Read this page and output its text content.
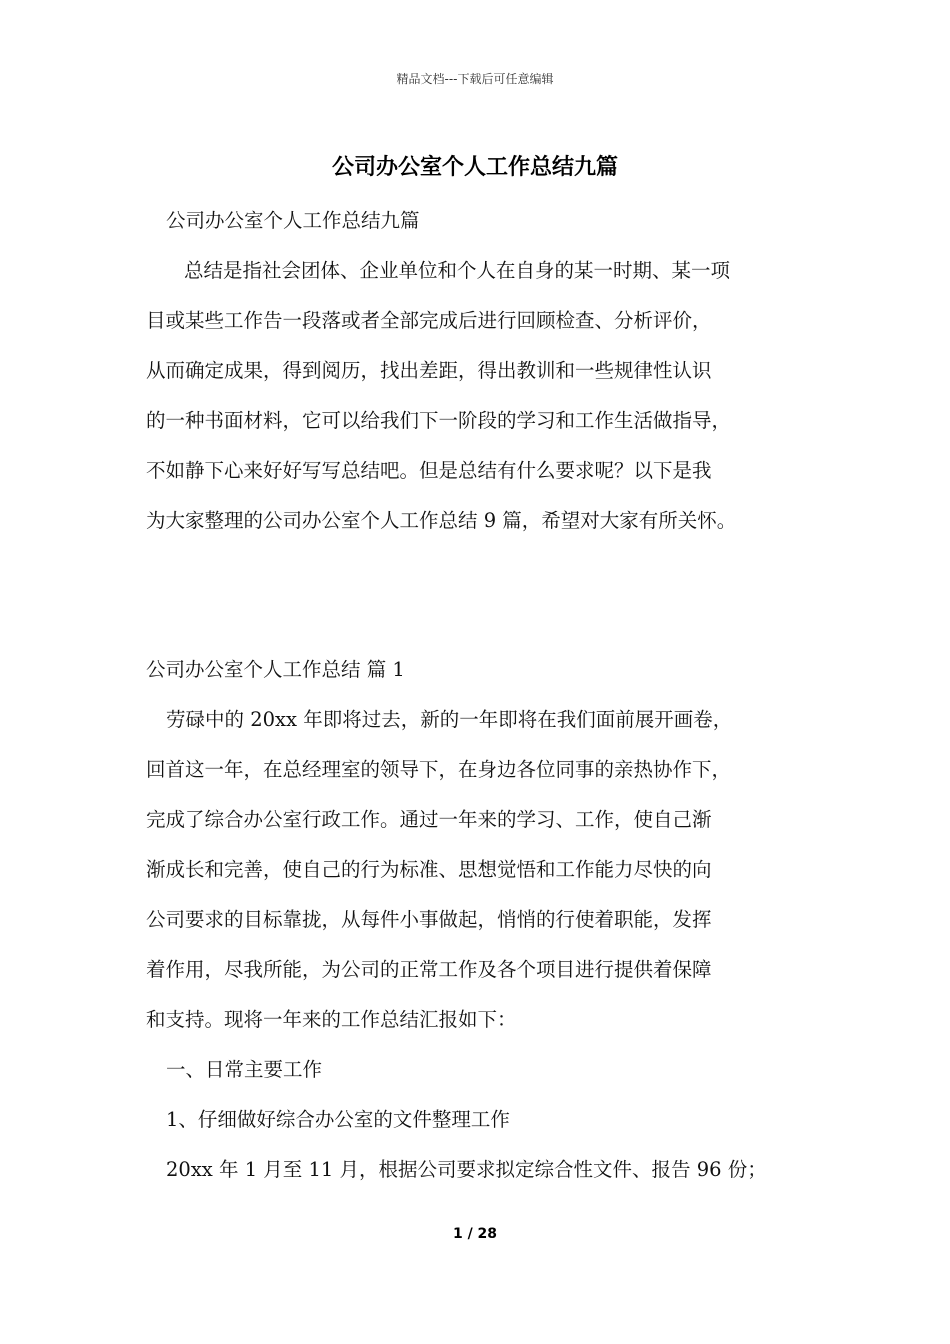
精品文档---下载后可任意编辑
公司办公室个人工作总结九篇
公司办公室个人工作总结九篇
总结是指社会团体、企业单位和个人在自身的某一时期、某一项
目或某些工作告一段落或者全部完成后进行回顾检查、分析评价，
从而确定成果，得到阅历，找出差距，得出教训和一些规律性认识
的一种书面材料，它可以给我们下一阶段的学习和工作生活做指导，
不如静下心来好好写写总结吧。但是总结有什么要求呢？以下是我
为大家整理的公司办公室个人工作总结 9 篇，希望对大家有所关怀。
公司办公室个人工作总结 篇 1
劳碌中的 20xx 年即将过去，新的一年即将在我们面前展开画卷，
回首这一年，在总经理室的领导下，在身边各位同事的亲热协作下，
完成了综合办公室行政工作。通过一年来的学习、工作，使自己渐
渐成长和完善，使自己的行为标准、思想觉悟和工作能力尽快的向
公司要求的目标靠拢，从每件小事做起，悄悄的行使着职能，发挥
着作用，尽我所能，为公司的正常工作及各个项目进行提供着保障
和支持。现将一年来的工作总结汇报如下：
一、日常主要工作
1、仔细做好综合办公室的文件整理工作
20xx 年 1 月至 11 月，根据公司要求拟定综合性文件、报告 96 份；
1 / 28
